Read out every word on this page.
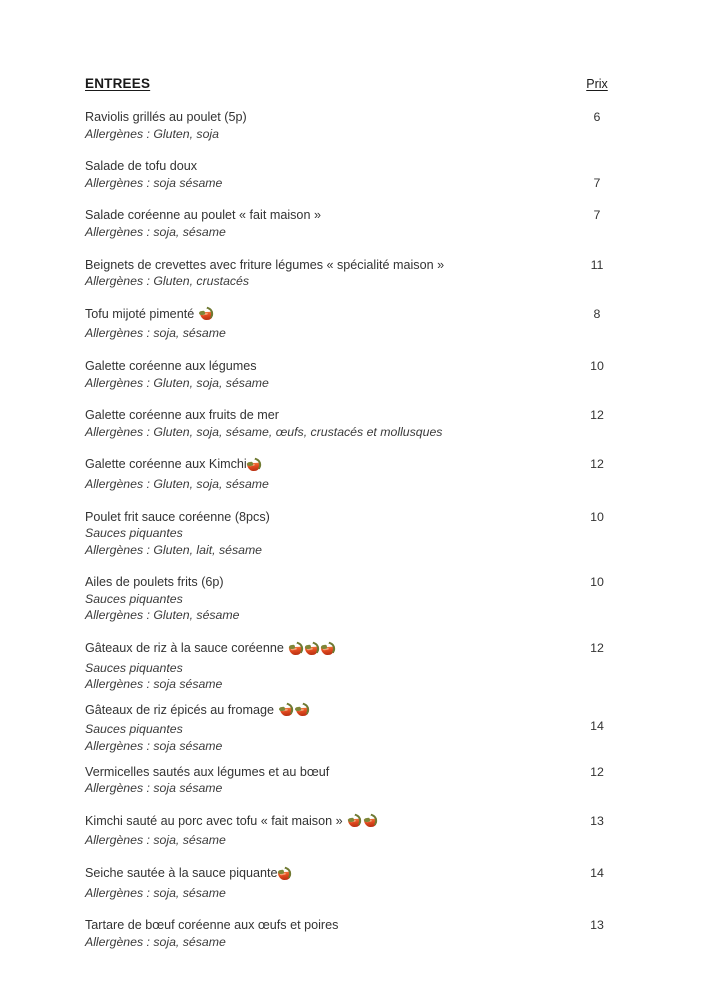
ENTREES	Prix
Raviolis grillés au poulet (5p)
Allergènes : Gluten, soja
6
Salade de tofu doux
Allergènes : soja sésame	7
Salade coréenne au poulet « fait maison »
Allergènes : soja, sésame
7
Beignets de crevettes avec friture légumes « spécialité maison »
Allergènes : Gluten, crustacés
11
Tofu mijoté pimenté
Allergènes : soja, sésame
8
Galette coréenne aux légumes
Allergènes : Gluten, soja, sésame
10
Galette coréenne aux fruits de mer
Allergènes : Gluten, soja, sésame, œufs, crustacés et mollusques
12
Galette coréenne aux Kimchi
Allergènes : Gluten, soja, sésame
12
Poulet frit sauce coréenne (8pcs)
Sauces piquantes
Allergènes : Gluten, lait, sésame
10
Ailes de poulets frits (6p)
Sauces piquantes
Allergènes : Gluten, sésame
10
Gâteaux de riz à la sauce coréenne
Sauces piquantes
Allergènes : soja sésame
12
Gâteaux de riz épicés au fromage
Sauces piquantes
Allergènes : soja sésame
14
Vermicelles sautés aux légumes et au bœuf
Allergènes : soja sésame
12
Kimchi sauté au porc avec tofu « fait maison »
Allergènes : soja, sésame
13
Seiche sautée à la sauce piquante
Allergènes : soja, sésame
14
Tartare de bœuf coréenne aux œufs et poires
Allergènes : soja, sésame
13
